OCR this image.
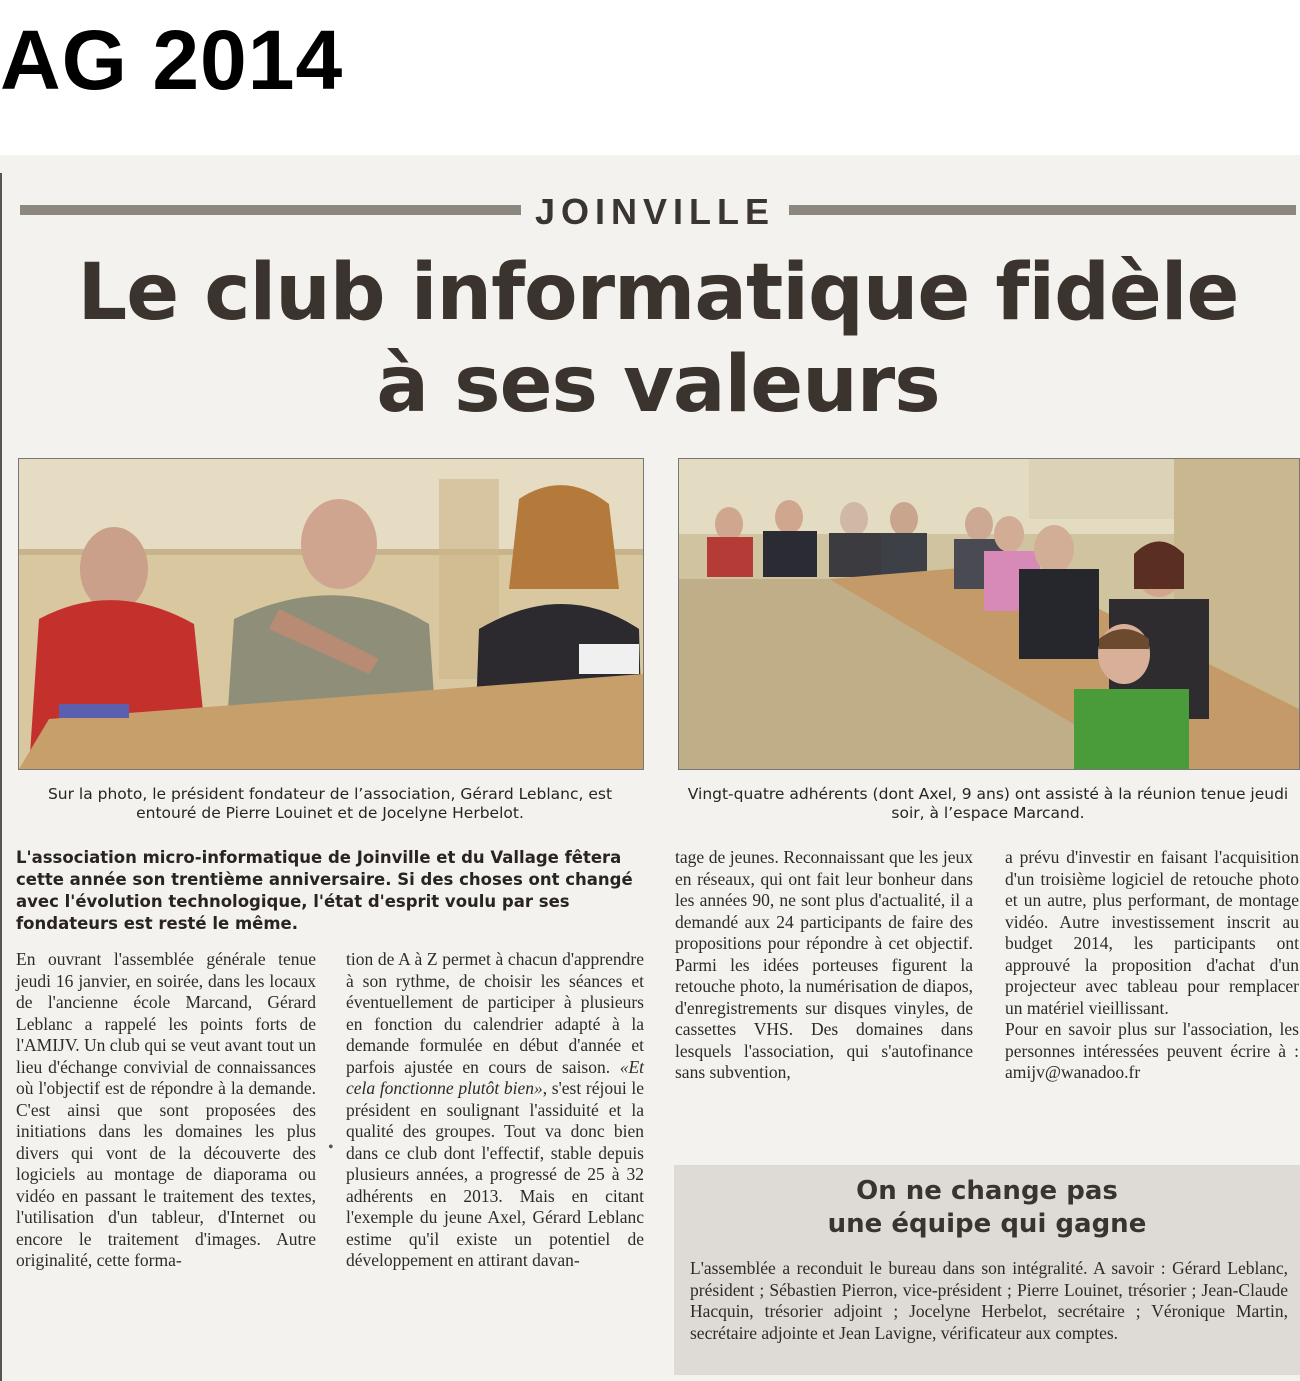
AG 2014
JOINVILLE
Le club informatique fidèle
à ses valeurs
Sur la photo, le président fondateur de l’association, Gérard Leblanc, est entouré de Pierre Louinet et de Jocelyne Herbelot.
Vingt-quatre adhérents (dont Axel, 9 ans) ont assisté à la réunion tenue jeudi soir, à l’espace Marcand.
L'association micro-informatique de Joinville et du Vallage fêtera cette année son trentième anniversaire. Si des choses ont changé avec l'évolution technologique, l'état d'esprit voulu par ses fondateurs est resté le même.

En ouvrant l'assemblée générale tenue jeudi 16 janvier, en soirée, dans les locaux de l'ancienne école Marcand, Gérard Leblanc a rappelé les points forts de l'AMIJV. Un club qui se veut avant tout un lieu d'échange convivial de connaissances où l'objectif est de répondre à la demande. C'est ainsi que sont proposées des initiations dans les domaines les plus divers qui vont de la découverte des logiciels au montage de diaporama ou vidéo en passant le traitement des textes, l'utilisation d'un tableur, d'Internet ou encore le traitement d'images. Autre originalité, cette forma-

tion de A à Z permet à chacun d'apprendre à son rythme, de choisir les séances et éventuellement de participer à plusieurs en fonction du calendrier adapté à la demande formulée en début d'année et parfois ajustée en cours de saison. «Et cela fonctionne plutôt bien», s'est réjoui le président en soulignant l'assiduité et la qualité des groupes. Tout va donc bien dans ce club dont l'effectif, stable depuis plusieurs années, a progressé de 25 à 32 adhérents en 2013. Mais en citant l'exemple du jeune Axel, Gérard Leblanc estime qu'il existe un potentiel de développement en attirant davan-

•

tage de jeunes. Reconnaissant que les jeux en réseaux, qui ont fait leur bonheur dans les années 90, ne sont plus d'actualité, il a demandé aux 24 participants de faire des propositions pour répondre à cet objectif. Parmi les idées porteuses figurent la retouche photo, la numérisation de diapos, d'enregistrements sur disques vinyles, de cassettes VHS. Des domaines dans lesquels l'association, qui s'autofinance sans subvention,

a prévu d'investir en faisant l'acquisition d'un troisième logiciel de retouche photo et un autre, plus performant, de montage vidéo. Autre investissement inscrit au budget 2014, les participants ont approuvé la proposition d'achat d'un projecteur avec tableau pour remplacer un matériel vieillissant.

Pour en savoir plus sur l'association, les personnes intéressées peuvent écrire à : amijv@wanadoo.fr

On ne change pas
une équipe qui gagne

L'assemblée a reconduit le bureau dans son intégralité. A savoir : Gérard Leblanc, président ; Sébastien Pierron, vice-président ; Pierre Louinet, trésorier ; Jean-Claude Hacquin, trésorier adjoint ; Jocelyne Herbelot, secrétaire ; Véronique Martin, secrétaire adjointe et Jean Lavigne, vérificateur aux comptes.
